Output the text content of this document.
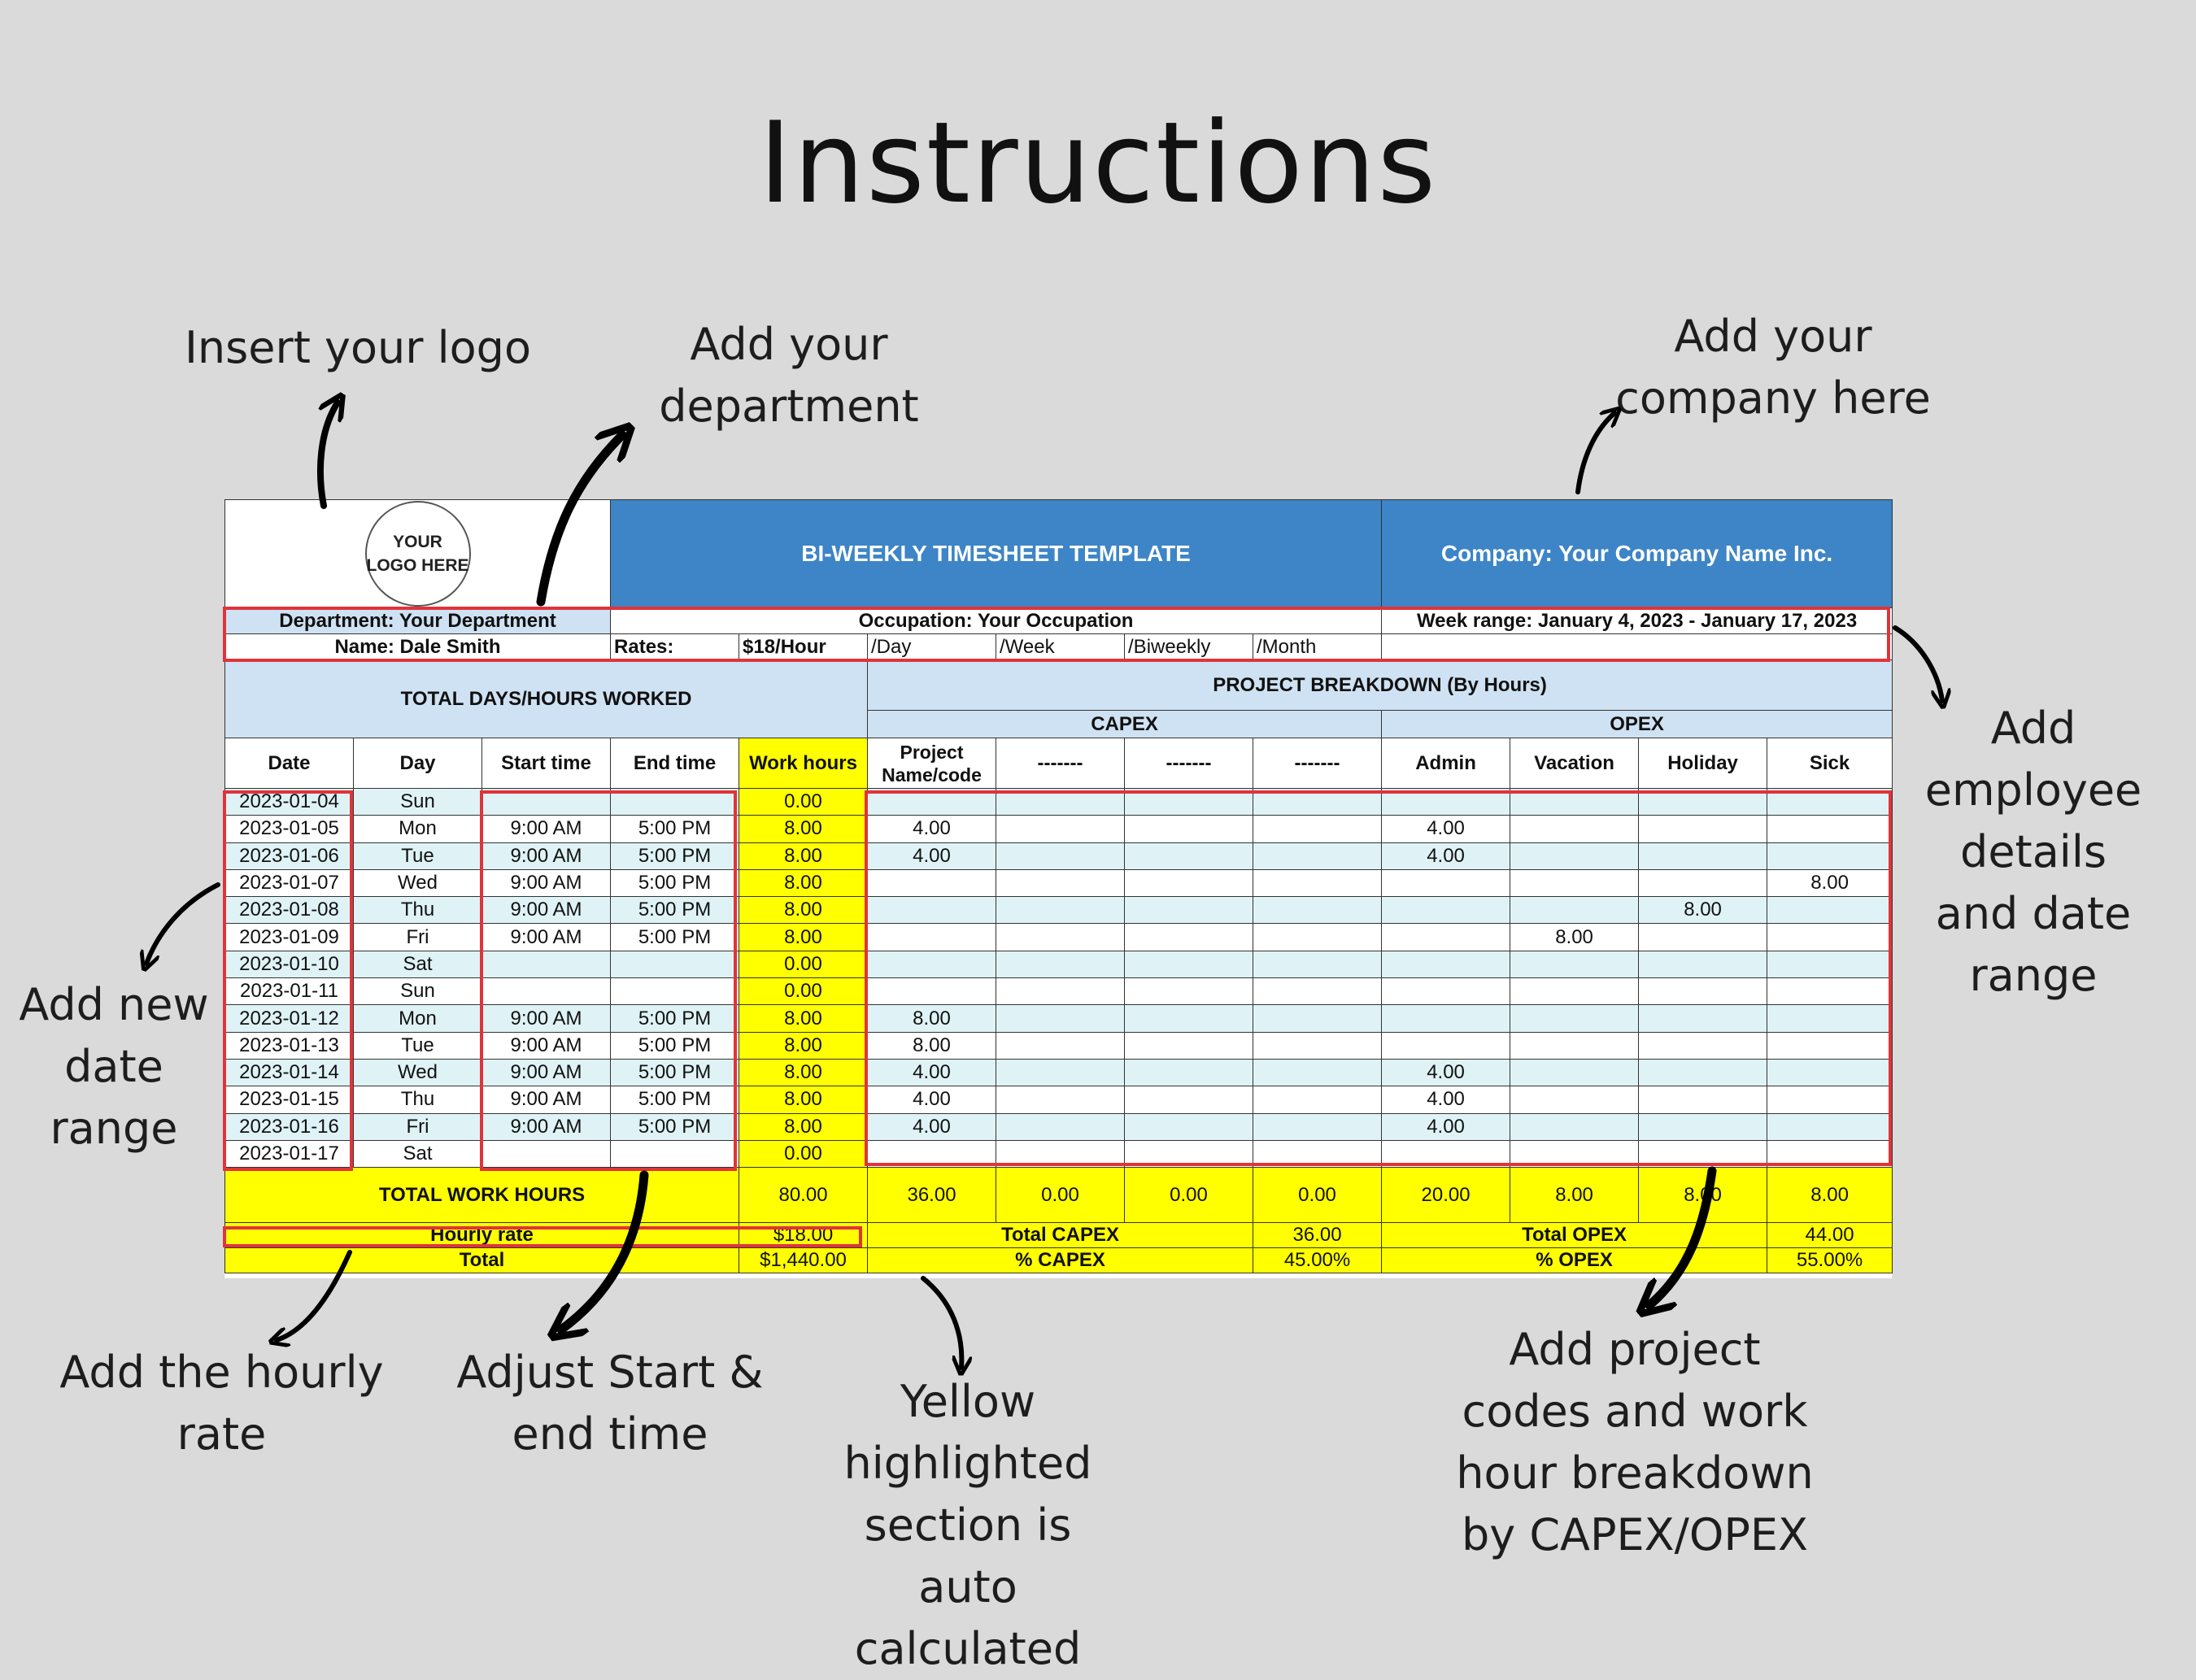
Instructions
Insert your logo	Add your department
Add your company here
Add employee details and date range
Add new date range
Add the hourly rate
Adjust Start & end time
Yellow highlighted section is auto calculated
Add project codes and work hour breakdown by CAPEX/OPEX
YOUR LOGO HERE			BI-WEEKLY TIMESHEET TEMPLATE						Company: Your Company Name Inc.			
Department: Your Department			Occupation: Your Occupation						Week range: January 4, 2023 - January 17, 2023			
Name: Dale Smith			Rates:	$18/Hour	/Day	/Week	/Biweekly	/Month				
TOTAL DAYS/HOURS WORKED					PROJECT BREAKDOWN (By Hours)							
					CAPEX				OPEX			
Date	Day	Start time	End time	Work hours	Project Name/code	-------	-------	-------	Admin	Vacation	Holiday	Sick
2023-01-04	Sun			0.00								
2023-01-05	Mon	9:00 AM	5:00 PM	8.00	4.00				4.00			
2023-01-06	Tue	9:00 AM	5:00 PM	8.00	4.00				4.00			
2023-01-07	Wed	9:00 AM	5:00 PM	8.00								8.00
2023-01-08	Thu	9:00 AM	5:00 PM	8.00							8.00	
2023-01-09	Fri	9:00 AM	5:00 PM	8.00						8.00		
2023-01-10	Sat			0.00								
2023-01-11	Sun			0.00								
2023-01-12	Mon	9:00 AM	5:00 PM	8.00	8.00							
2023-01-13	Tue	9:00 AM	5:00 PM	8.00	8.00							
2023-01-14	Wed	9:00 AM	5:00 PM	8.00	4.00				4.00			
2023-01-15	Thu	9:00 AM	5:00 PM	8.00	4.00				4.00			
2023-01-16	Fri	9:00 AM	5:00 PM	8.00	4.00				4.00			
2023-01-17	Sat			0.00								
TOTAL WORK HOURS				80.00	36.00	0.00	0.00	0.00	20.00	8.00	8.00	8.00
Hourly rate				$18.00	Total CAPEX			36.00	Total OPEX			44.00
Total				$1,440.00	% CAPEX			45.00%	% OPEX			55.00%
